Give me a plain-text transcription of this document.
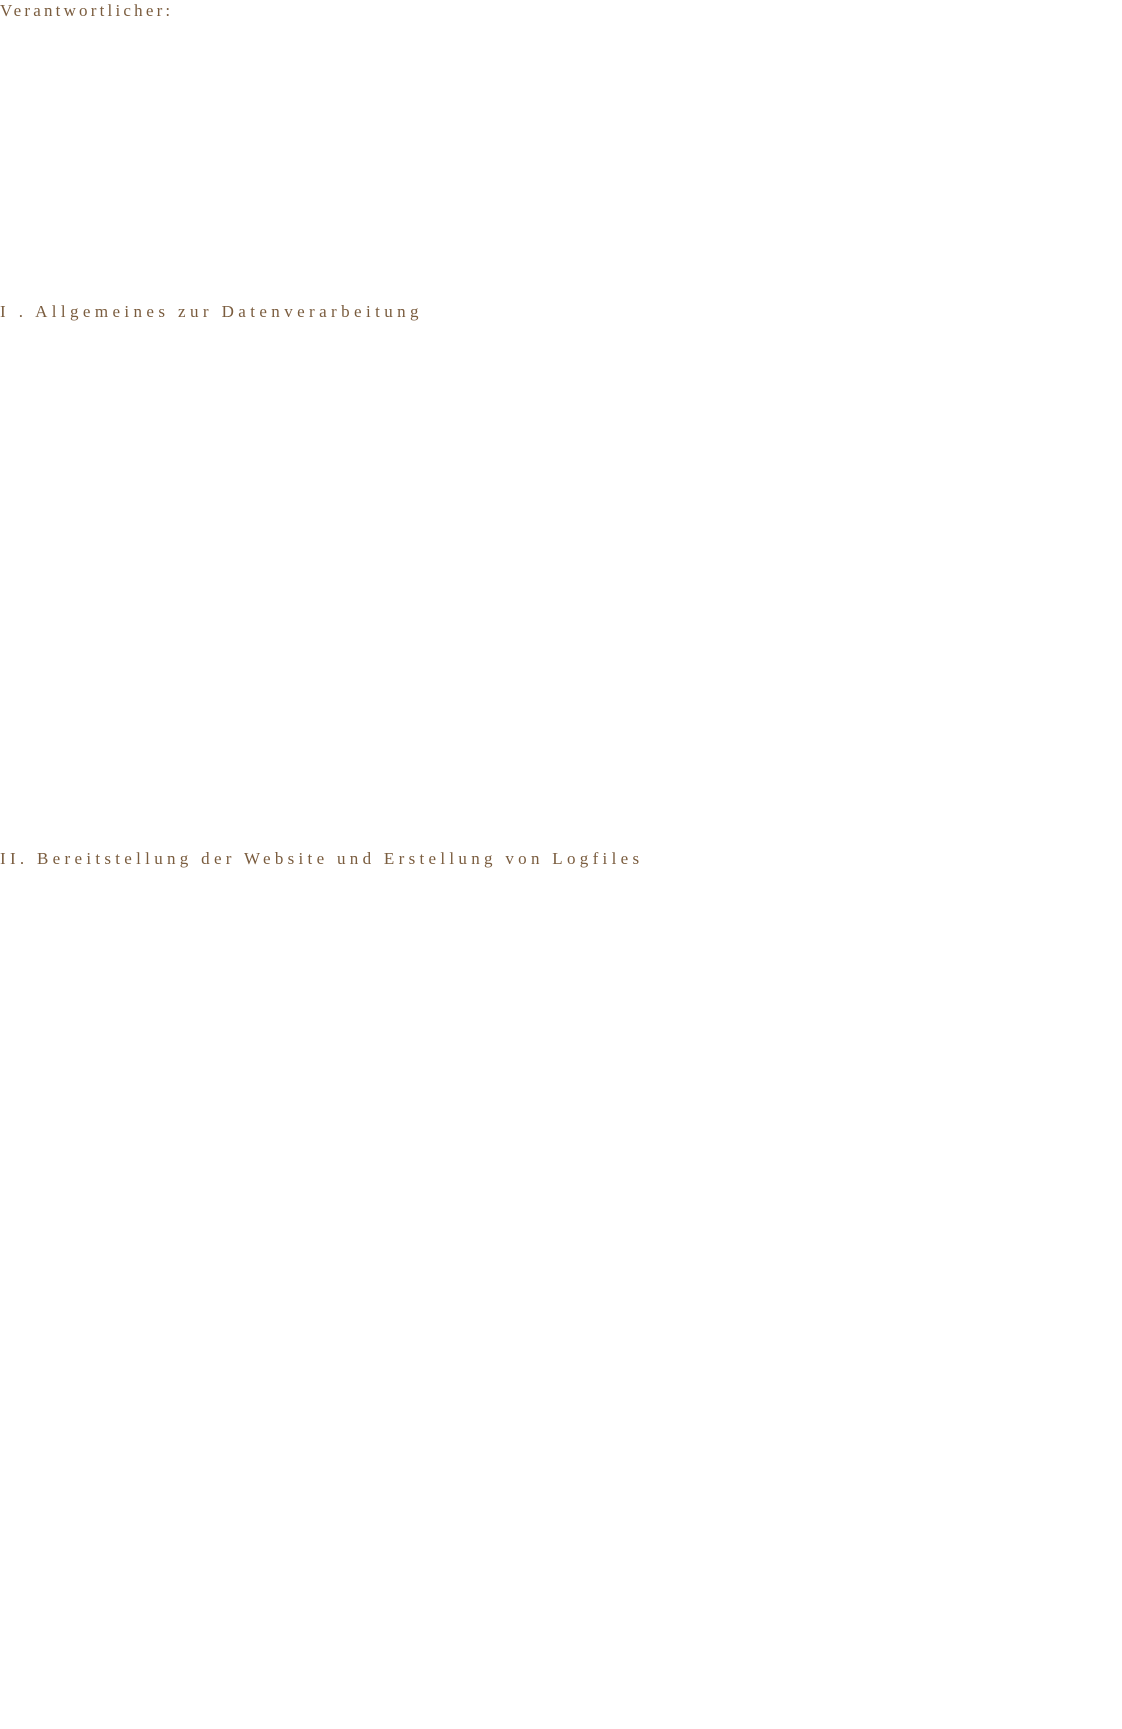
Verantwortlicher:
I . Allgemeines zur Datenverarbeitung
II. Bereitstellung der Website und Erstellung von Logfiles
